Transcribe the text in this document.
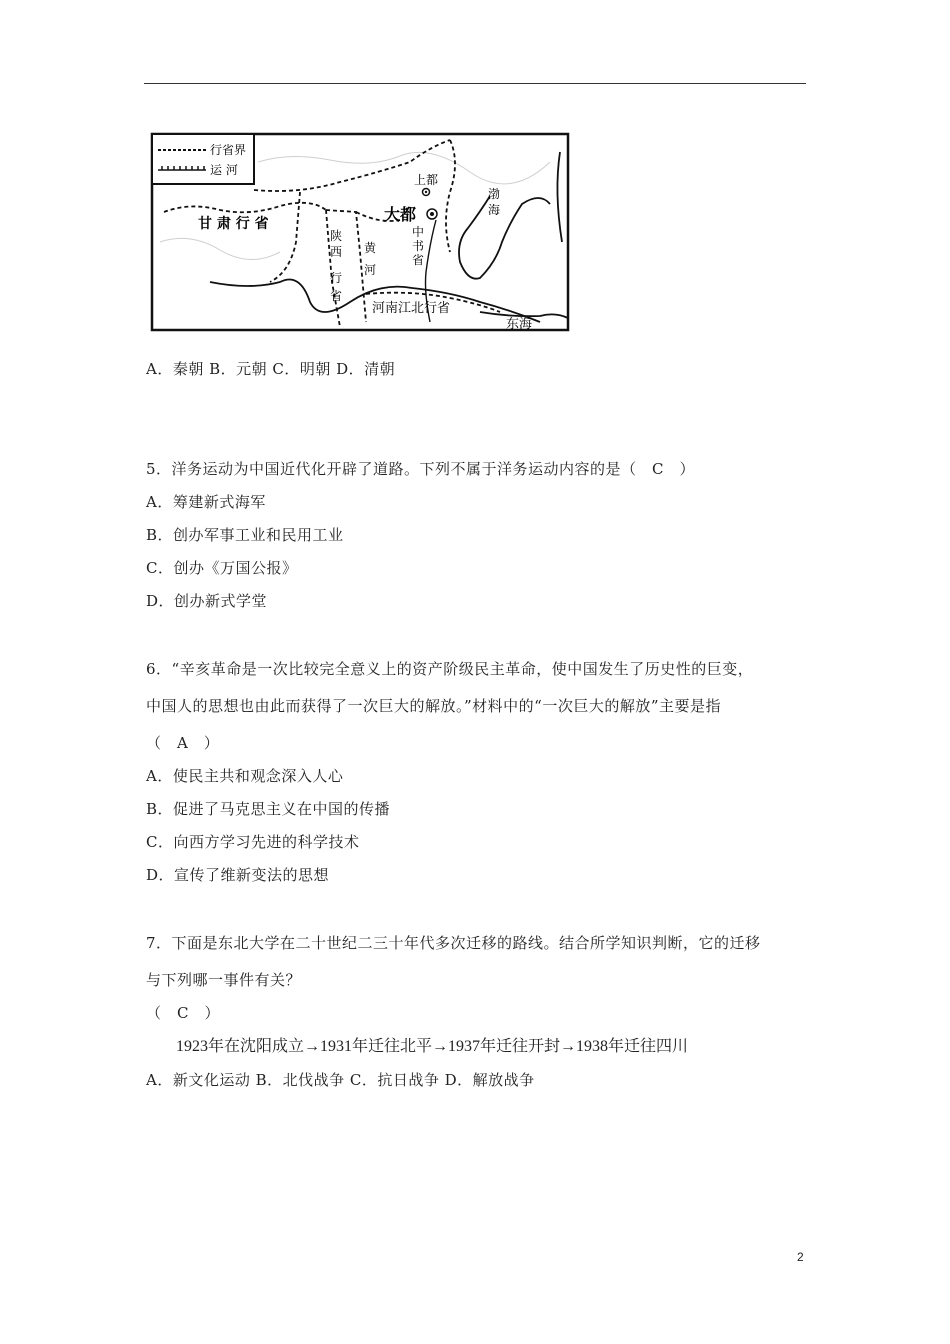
行省界
运 河
甘 肃 行 省
上都
大都
中
书
省
陕
西
行
省
黄
河
渤
海
河南江北行省
东海
A．秦朝 B．元朝 C．明朝 D．清朝
5．洋务运动为中国近代化开辟了道路。下列不属于洋务运动内容的是（　C　）
A．筹建新式海军
B．创办军事工业和民用工业
C．创办《万国公报》
D．创办新式学堂
6．“辛亥革命是一次比较完全意义上的资产阶级民主革命，使中国发生了历史性的巨变，
中国人的思想也由此而获得了一次巨大的解放。”材料中的“一次巨大的解放”主要是指
（　A　）
A．使民主共和观念深入人心
B．促进了马克思主义在中国的传播
C．向西方学习先进的科学技术
D．宣传了维新变法的思想
7．下面是东北大学在二十世纪二三十年代多次迁移的路线。结合所学知识判断，它的迁移
与下列哪一事件有关？
（　C　）
1923年在沈阳成立→1931年迁往北平→1937年迁往开封→1938年迁往四川
A．新文化运动 B．北伐战争 C．抗日战争 D．解放战争
2
